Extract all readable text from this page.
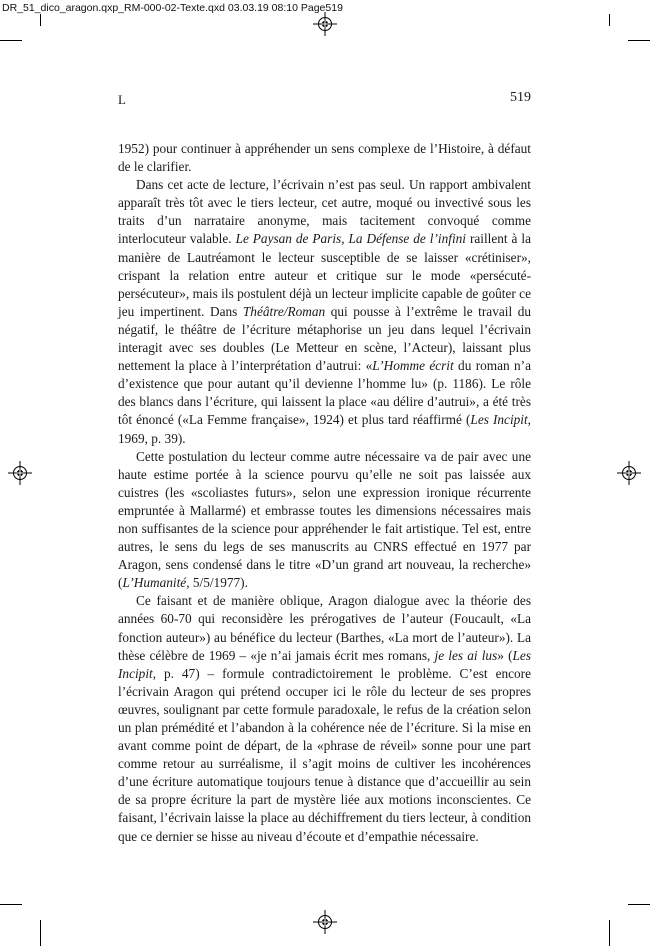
DR_51_dico_aragon.qxp_RM-000-02-Texte.qxd 03.03.19 08:10 Page519
L	519

1952) pour continuer à appréhender un sens complexe de l’Histoire, à défaut de le clarifier.

Dans cet acte de lecture, l’écrivain n’est pas seul. Un rapport ambivalent apparaît très tôt avec le tiers lecteur, cet autre, moqué ou invectivé sous les traits d’un narrataire anonyme, mais tacitement convoqué comme interlocuteur valable. Le Paysan de Paris, La Défense de l’infini raillent à la manière de Lautréamont le lecteur susceptible de se laisser «crétiniser», crispant la relation entre auteur et critique sur le mode «persécuté-persécuteur», mais ils postulent déjà un lecteur implicite capable de goûter ce jeu impertinent. Dans Théâtre/Roman qui pousse à l’extrême le travail du négatif, le théâtre de l’écriture métaphorise un jeu dans lequel l’écrivain interagit avec ses doubles (Le Metteur en scène, l’Acteur), laissant plus nettement la place à l’interprétation d’autrui: «L’Homme écrit du roman n’a d’existence que pour autant qu’il devienne l’homme lu» (p. 1186). Le rôle des blancs dans l’écriture, qui laissent la place «au délire d’autrui», a été très tôt énoncé («La Femme française», 1924) et plus tard réaffirmé (Les Incipit, 1969, p. 39).

Cette postulation du lecteur comme autre nécessaire va de pair avec une haute estime portée à la science pourvu qu’elle ne soit pas laissée aux cuistres (les «scoliastes futurs», selon une expression ironique récurrente empruntée à Mallarmé) et embrasse toutes les dimensions nécessaires mais non suffisantes de la science pour appréhender le fait artistique. Tel est, entre autres, le sens du legs de ses manuscrits au CNRS effectué en 1977 par Aragon, sens condensé dans le titre «D’un grand art nouveau, la recherche» (L’Humanité, 5/5/1977).

Ce faisant et de manière oblique, Aragon dialogue avec la théorie des années 60-70 qui reconsidère les prérogatives de l’auteur (Foucault, «La fonction auteur») au bénéfice du lecteur (Barthes, «La mort de l’auteur»). La thèse célèbre de 1969 – «je n’ai jamais écrit mes romans, je les ai lus» (Les Incipit, p. 47) – formule contradictoirement le problème. C’est encore l’écrivain Aragon qui prétend occuper ici le rôle du lecteur de ses propres œuvres, soulignant par cette formule paradoxale, le refus de la création selon un plan prémédité et l’abandon à la cohérence née de l’écriture. Si la mise en avant comme point de départ, de la «phrase de réveil» sonne pour une part comme retour au surréalisme, il s’agit moins de cultiver les incohérences d’une écriture automatique toujours tenue à distance que d’accueillir au sein de sa propre écriture la part de mystère liée aux motions inconscientes. Ce faisant, l’écrivain laisse la place au déchiffrement du tiers lecteur, à condition que ce dernier se hisse au niveau d’écoute et d’empathie nécessaire.
